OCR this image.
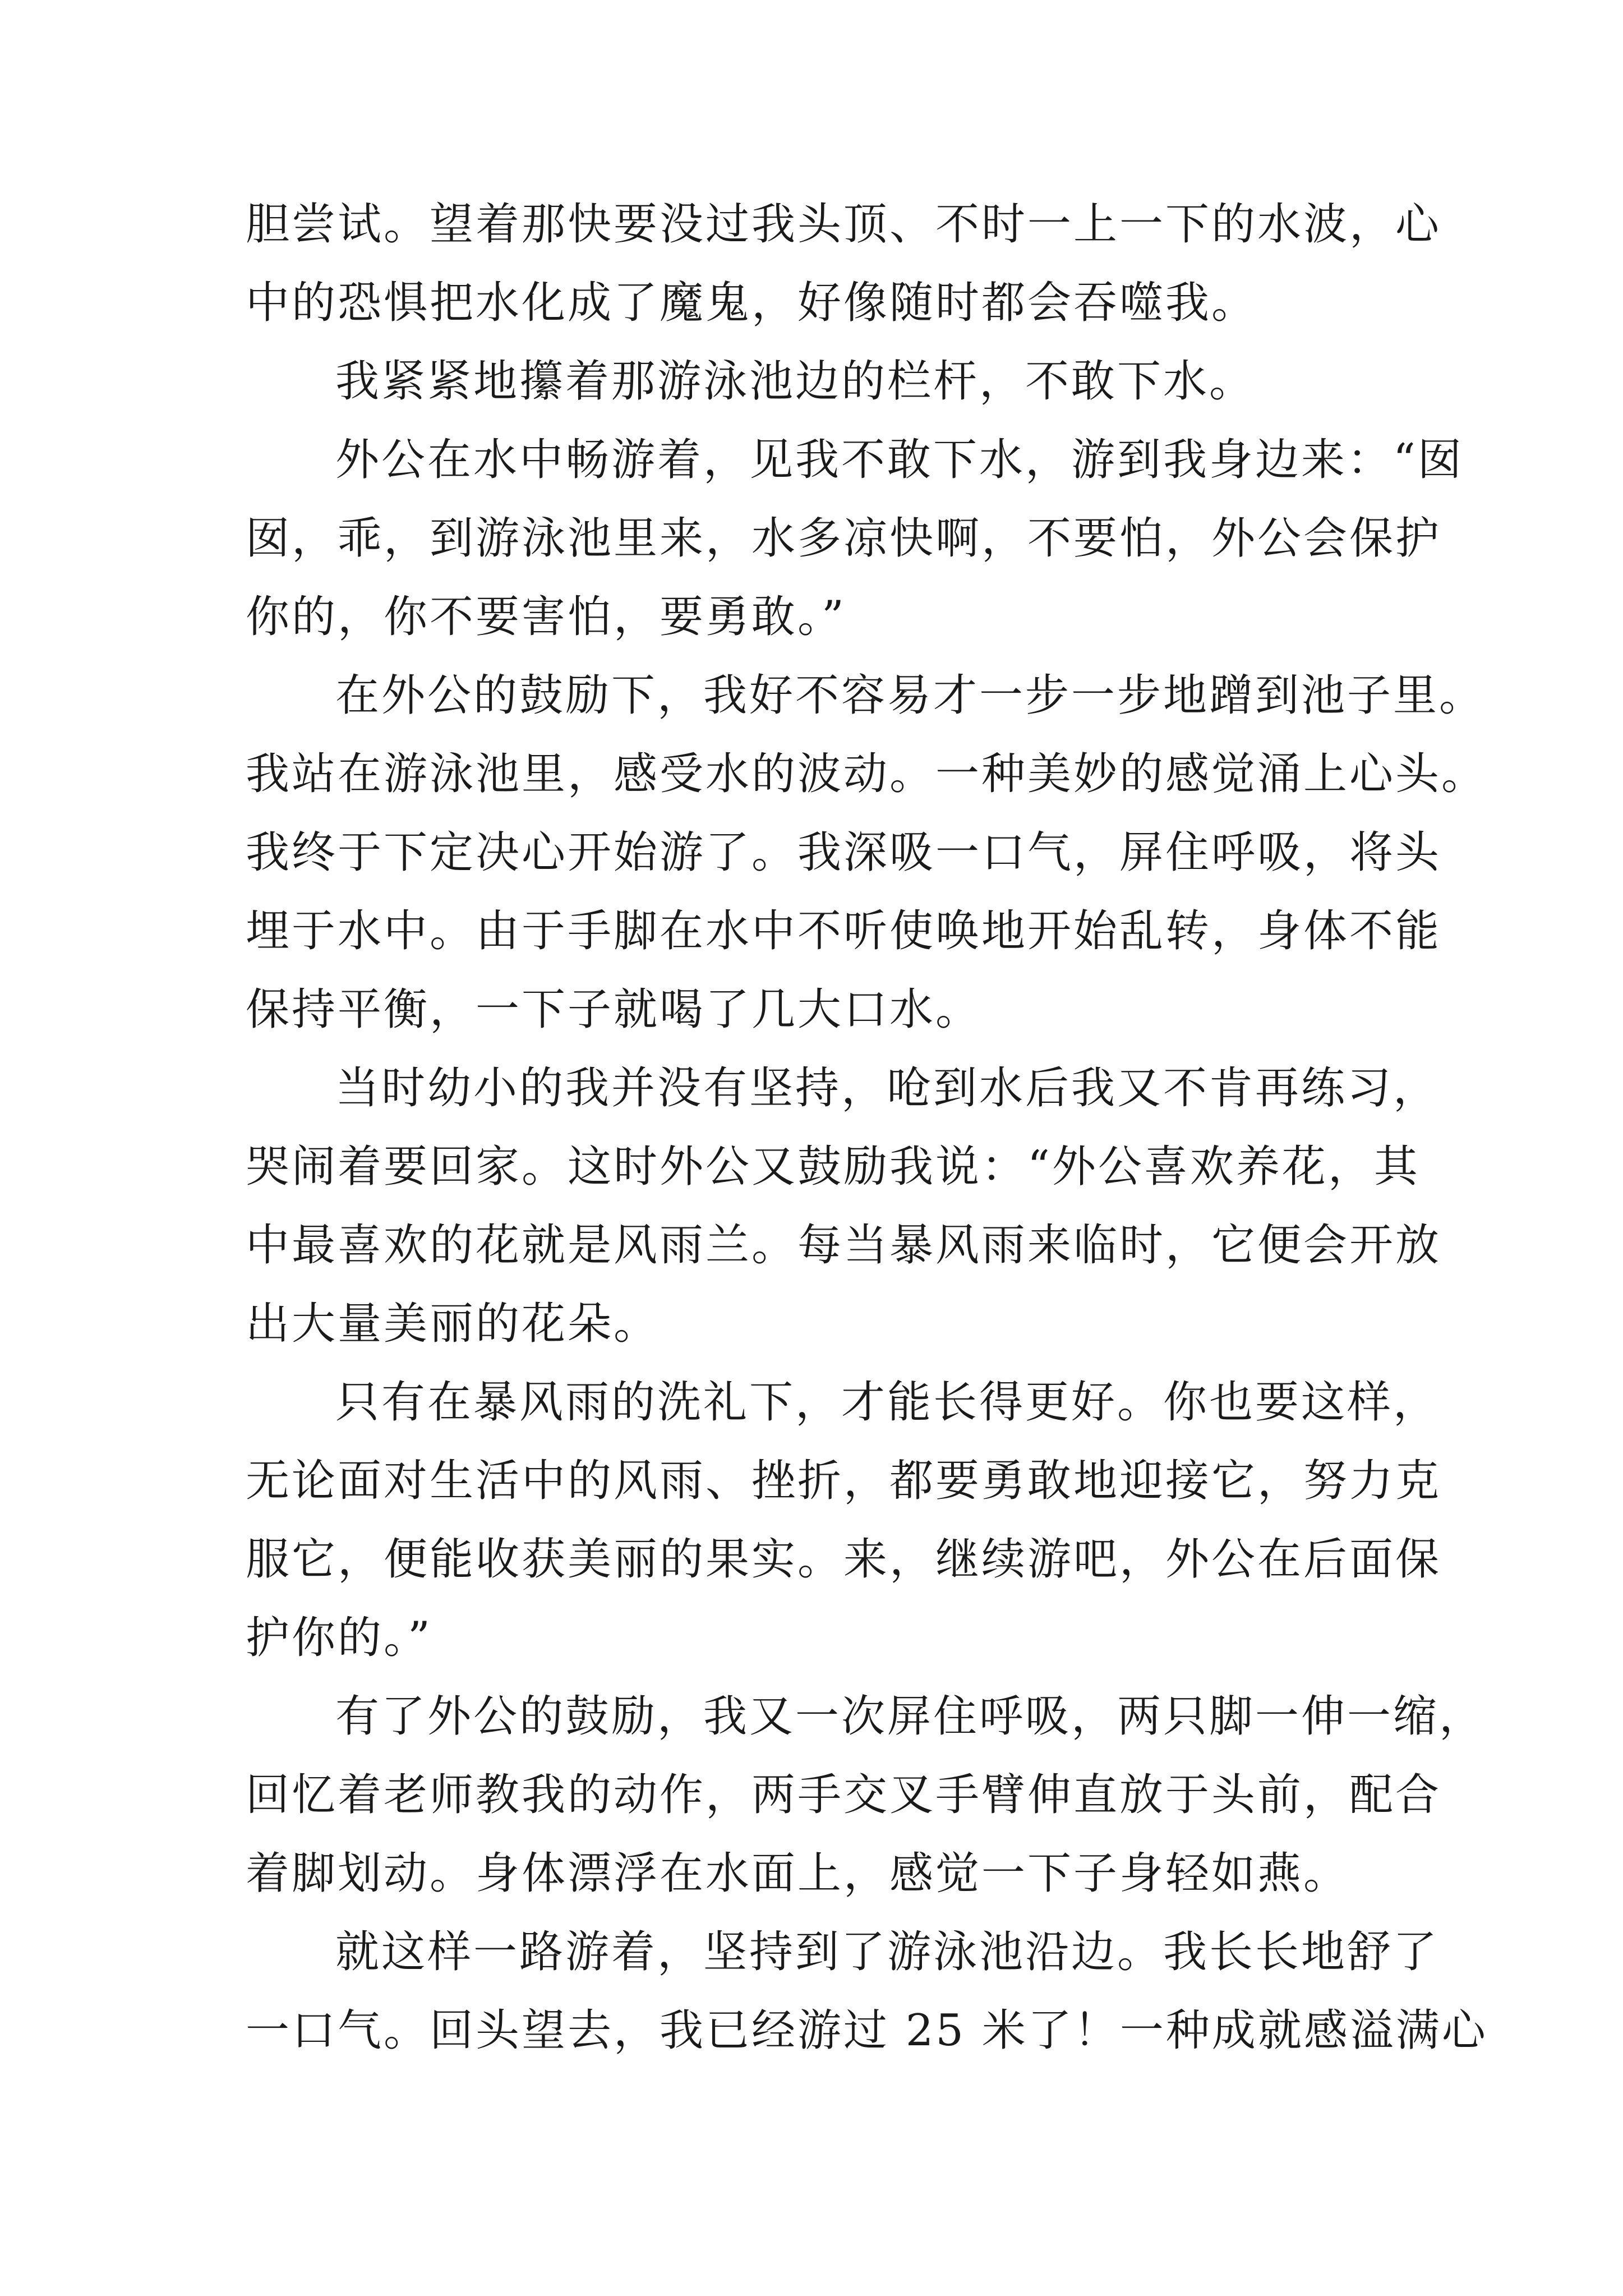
胆尝试。望着那快要没过我头顶、不时一上一下的水波，心
中的恐惧把水化成了魔鬼，好像随时都会吞噬我。
我紧紧地攥着那游泳池边的栏杆，不敢下水。
外公在水中畅游着，见我不敢下水，游到我身边来：“囡
囡，乖，到游泳池里来，水多凉快啊，不要怕，外公会保护
你的，你不要害怕，要勇敢。”
在外公的鼓励下，我好不容易才一步一步地蹭到池子里。
我站在游泳池里，感受水的波动。一种美妙的感觉涌上心头。
我终于下定决心开始游了。我深吸一口气，屏住呼吸，将头
埋于水中。由于手脚在水中不听使唤地开始乱转，身体不能
保持平衡，一下子就喝了几大口水。
当时幼小的我并没有坚持，呛到水后我又不肯再练习，
哭闹着要回家。这时外公又鼓励我说：“外公喜欢养花，其
中最喜欢的花就是风雨兰。每当暴风雨来临时，它便会开放
出大量美丽的花朵。
只有在暴风雨的洗礼下，才能长得更好。你也要这样，
无论面对生活中的风雨、挫折，都要勇敢地迎接它，努力克
服它，便能收获美丽的果实。来，继续游吧，外公在后面保
护你的。”
有了外公的鼓励，我又一次屏住呼吸，两只脚一伸一缩，
回忆着老师教我的动作，两手交叉手臂伸直放于头前，配合
着脚划动。身体漂浮在水面上，感觉一下子身轻如燕。
就这样一路游着，坚持到了游泳池沿边。我长长地舒了
一口气。回头望去，我已经游过 25 米了！一种成就感溢满心
